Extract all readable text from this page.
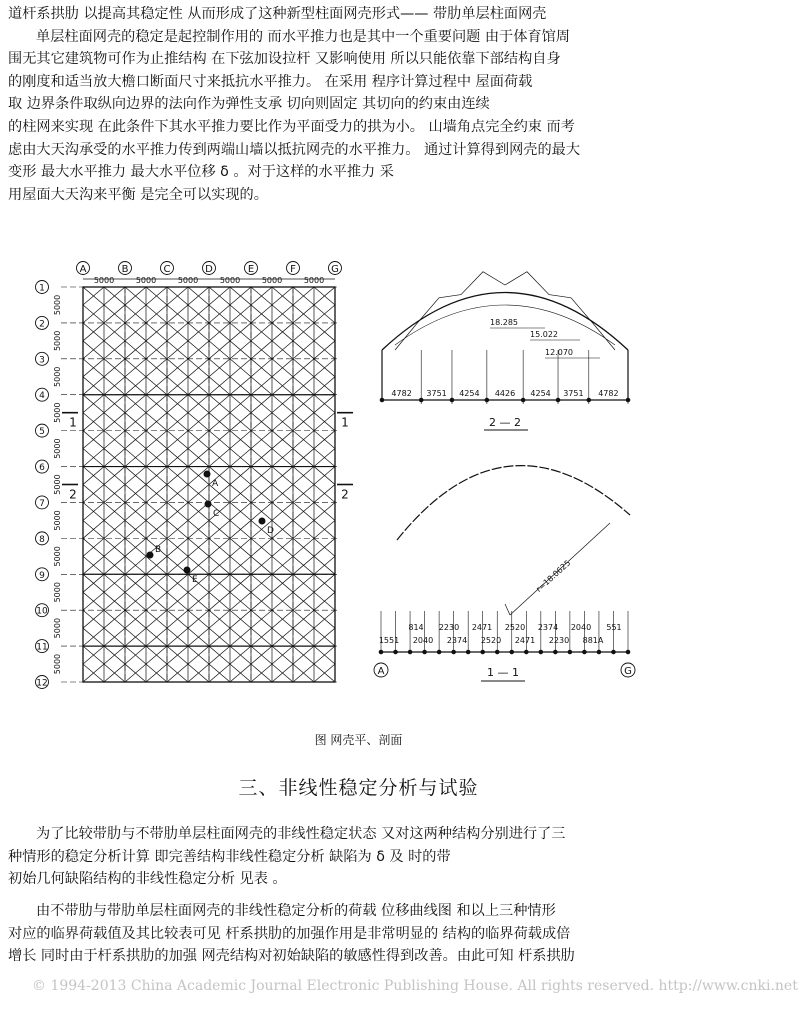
道杆系拱肋 以提高其稳定性 从而形成了这种新型柱面网壳形式—— 带肋单层柱面网壳
单层柱面网壳的稳定是起控制作用的 而水平推力也是其中一个重要问题 由于体育馆周
围无其它建筑物可作为止推结构 在下弦加设拉杆 又影响使用 所以只能依靠下部结构自身
的刚度和适当放大檐口断面尺寸来抵抗水平推力。 在采用 程序计算过程中 屋面荷载
取 边界条件取纵向边界的法向作为弹性支承 切向则固定 其切向的约束由连续
的柱网来实现 在此条件下其水平推力要比作为平面受力的拱为小。 山墙角点完全约束 而考
虑由大天沟承受的水平推力传到两端山墙以抵抗网壳的水平推力。 通过计算得到网壳的最大
变形 最大水平推力 最大水平位移 δ 。对于这样的水平推力 采
用屋面大天沟来平衡 是完全可以实现的。
A	B	C	D	E	F	G
5000	5000	5000	5000	5000	5000
1
5000
2
5000
3
5000
4
5000
5
5000
6
5000
7
5000
8
5000
9
5000
10
5000
11
5000
12
1	1
2	2
A
B
C
D
E
4782 3751 4254 4426 4254 3751 4782
18.285
15.022
12.070
2 — 2
r=18.0625
814 2230 2471 2520 2374 2040 551
1551 2040 2374 2520 2471 2230 881A
A	G
1 — 1
图 网壳平、剖面
三、非线性稳定分析与试验
为了比较带肋与不带肋单层柱面网壳的非线性稳定状态 又对这两种结构分别进行了三
种情形的稳定分析计算 即完善结构非线性稳定分析 缺陷为 δ 及 时的带
初始几何缺陷结构的非线性稳定分析 见表 。
由不带肋与带肋单层柱面网壳的非线性稳定分析的荷载 位移曲线图 和以上三种情形
对应的临界荷载值及其比较表可见 杆系拱肋的加强作用是非常明显的 结构的临界荷载成倍
增长 同时由于杆系拱肋的加强 网壳结构对初始缺陷的敏感性得到改善。由此可知 杆系拱肋
© 1994-2013 China Academic Journal Electronic Publishing House. All rights reserved. http://www.cnki.net
